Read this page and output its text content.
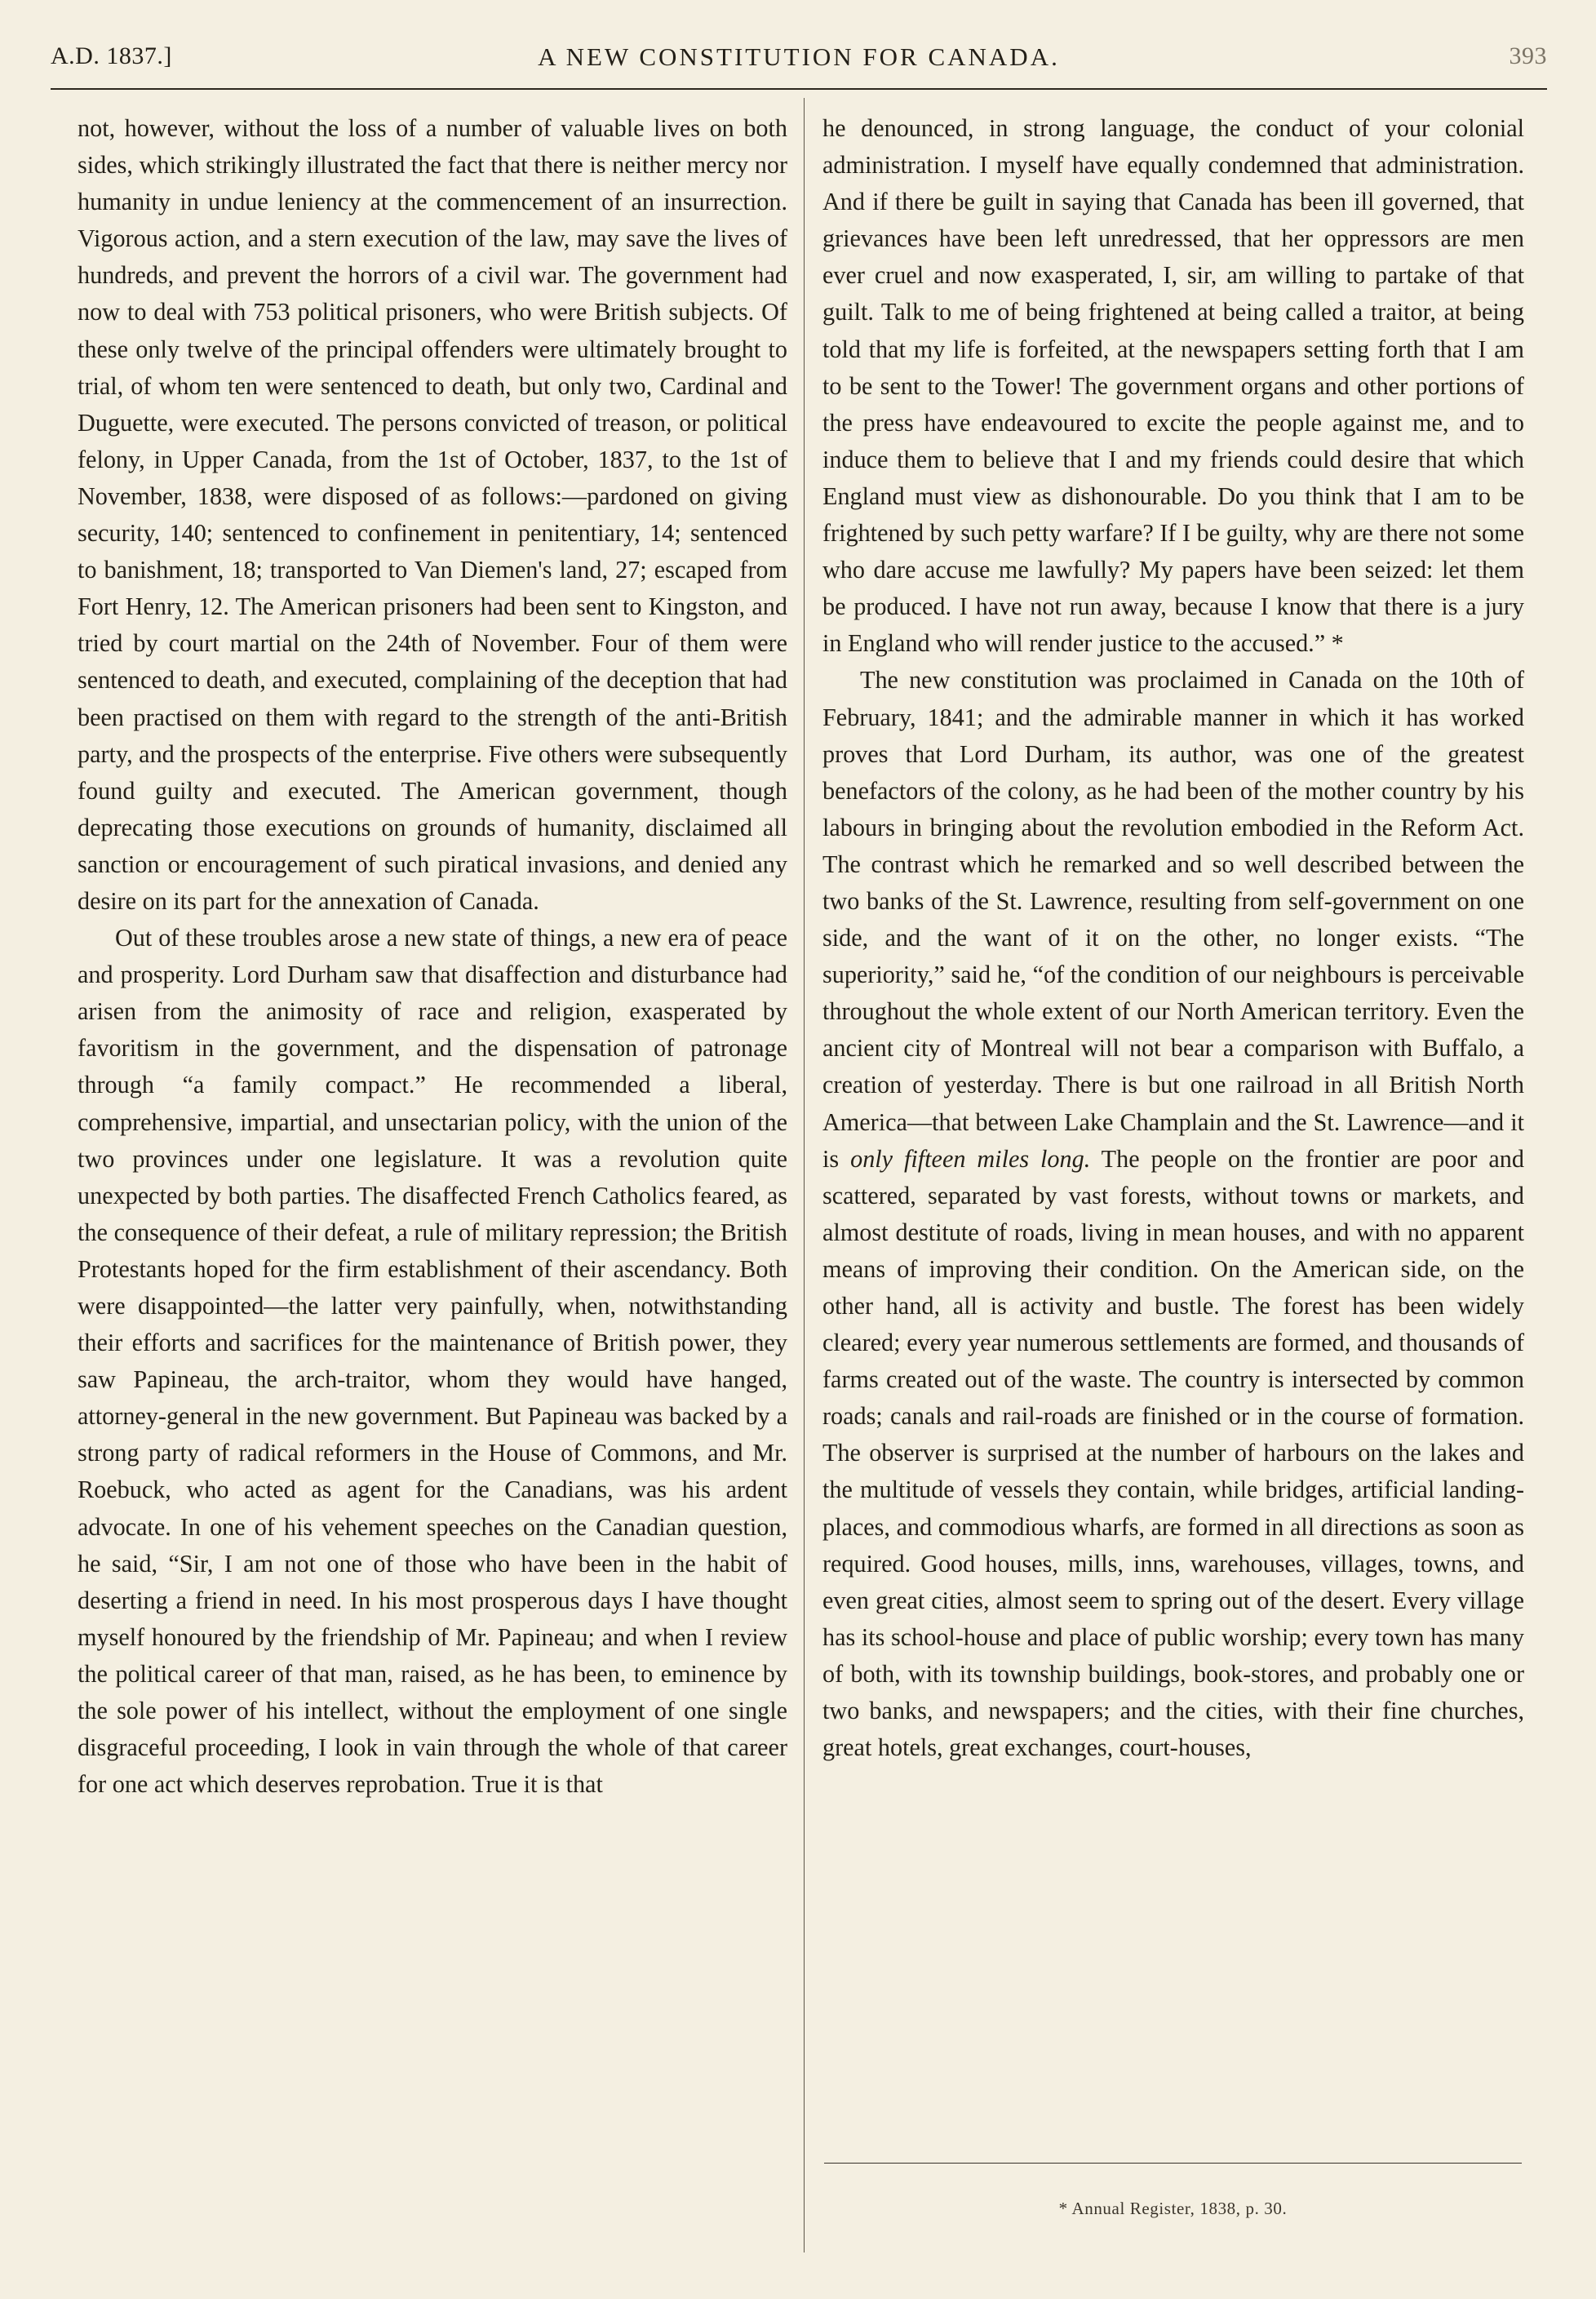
A.D. 1837.]	A NEW CONSTITUTION FOR CANADA.	393

not, however, without the loss of a number of valuable lives on both sides, which strikingly illustrated the fact that there is neither mercy nor humanity in undue leniency at the commencement of an insurrection. Vigorous action, and a stern execution of the law, may save the lives of hundreds, and prevent the horrors of a civil war. The government had now to deal with 753 political prisoners, who were British subjects. Of these only twelve of the principal offenders were ultimately brought to trial, of whom ten were sentenced to death, but only two, Cardinal and Duguette, were executed. The persons convicted of treason, or political felony, in Upper Canada, from the 1st of October, 1837, to the 1st of November, 1838, were disposed of as follows:—pardoned on giving security, 140; sentenced to confinement in penitentiary, 14; sentenced to banishment, 18; transported to Van Diemen's land, 27; escaped from Fort Henry, 12. The American prisoners had been sent to Kingston, and tried by court martial on the 24th of November. Four of them were sentenced to death, and executed, complaining of the deception that had been practised on them with regard to the strength of the anti-British party, and the prospects of the enterprise. Five others were subsequently found guilty and executed. The American government, though deprecating those executions on grounds of humanity, disclaimed all sanction or encouragement of such piratical invasions, and denied any desire on its part for the annexation of Canada.

Out of these troubles arose a new state of things, a new era of peace and prosperity. Lord Durham saw that disaffection and disturbance had arisen from the animosity of race and religion, exasperated by favoritism in the government, and the dispensation of patronage through “a family compact.” He recommended a liberal, comprehensive, impartial, and unsectarian policy, with the union of the two provinces under one legislature. It was a revolution quite unexpected by both parties. The disaffected French Catholics feared, as the consequence of their defeat, a rule of military repression; the British Protestants hoped for the firm establishment of their ascendancy. Both were disappointed—the latter very painfully, when, notwithstanding their efforts and sacrifices for the maintenance of British power, they saw Papineau, the arch-traitor, whom they would have hanged, attorney-general in the new government. But Papineau was backed by a strong party of radical reformers in the House of Commons, and Mr. Roebuck, who acted as agent for the Canadians, was his ardent advocate. In one of his vehement speeches on the Canadian question, he said, “Sir, I am not one of those who have been in the habit of deserting a friend in need. In his most prosperous days I have thought myself honoured by the friendship of Mr. Papineau; and when I review the political career of that man, raised, as he has been, to eminence by the sole power of his intellect, without the employment of one single disgraceful proceeding, I look in vain through the whole of that career for one act which deserves reprobation. True it is that

he denounced, in strong language, the conduct of your colonial administration. I myself have equally condemned that administration. And if there be guilt in saying that Canada has been ill governed, that grievances have been left unredressed, that her oppressors are men ever cruel and now exasperated, I, sir, am willing to partake of that guilt. Talk to me of being frightened at being called a traitor, at being told that my life is forfeited, at the newspapers setting forth that I am to be sent to the Tower! The government organs and other portions of the press have endeavoured to excite the people against me, and to induce them to believe that I and my friends could desire that which England must view as dishonourable. Do you think that I am to be frightened by such petty warfare? If I be guilty, why are there not some who dare accuse me lawfully? My papers have been seized: let them be produced. I have not run away, because I know that there is a jury in England who will render justice to the accused.” *

The new constitution was proclaimed in Canada on the 10th of February, 1841; and the admirable manner in which it has worked proves that Lord Durham, its author, was one of the greatest benefactors of the colony, as he had been of the mother country by his labours in bringing about the revolution embodied in the Reform Act. The contrast which he remarked and so well described between the two banks of the St. Lawrence, resulting from self-government on one side, and the want of it on the other, no longer exists. “The superiority,” said he, “of the condition of our neighbours is perceivable throughout the whole extent of our North American territory. Even the ancient city of Montreal will not bear a comparison with Buffalo, a creation of yesterday. There is but one railroad in all British North America—that between Lake Champlain and the St. Lawrence—and it is only fifteen miles long. The people on the frontier are poor and scattered, separated by vast forests, without towns or markets, and almost destitute of roads, living in mean houses, and with no apparent means of improving their condition. On the American side, on the other hand, all is activity and bustle. The forest has been widely cleared; every year numerous settlements are formed, and thousands of farms created out of the waste. The country is intersected by common roads; canals and rail-roads are finished or in the course of formation. The observer is surprised at the number of harbours on the lakes and the multitude of vessels they contain, while bridges, artificial landing-places, and commodious wharfs, are formed in all directions as soon as required. Good houses, mills, inns, warehouses, villages, towns, and even great cities, almost seem to spring out of the desert. Every village has its school-house and place of public worship; every town has many of both, with its township buildings, book-stores, and probably one or two banks, and newspapers; and the cities, with their fine churches, great hotels, great exchanges, court-houses,

* Annual Register, 1838, p. 30.
